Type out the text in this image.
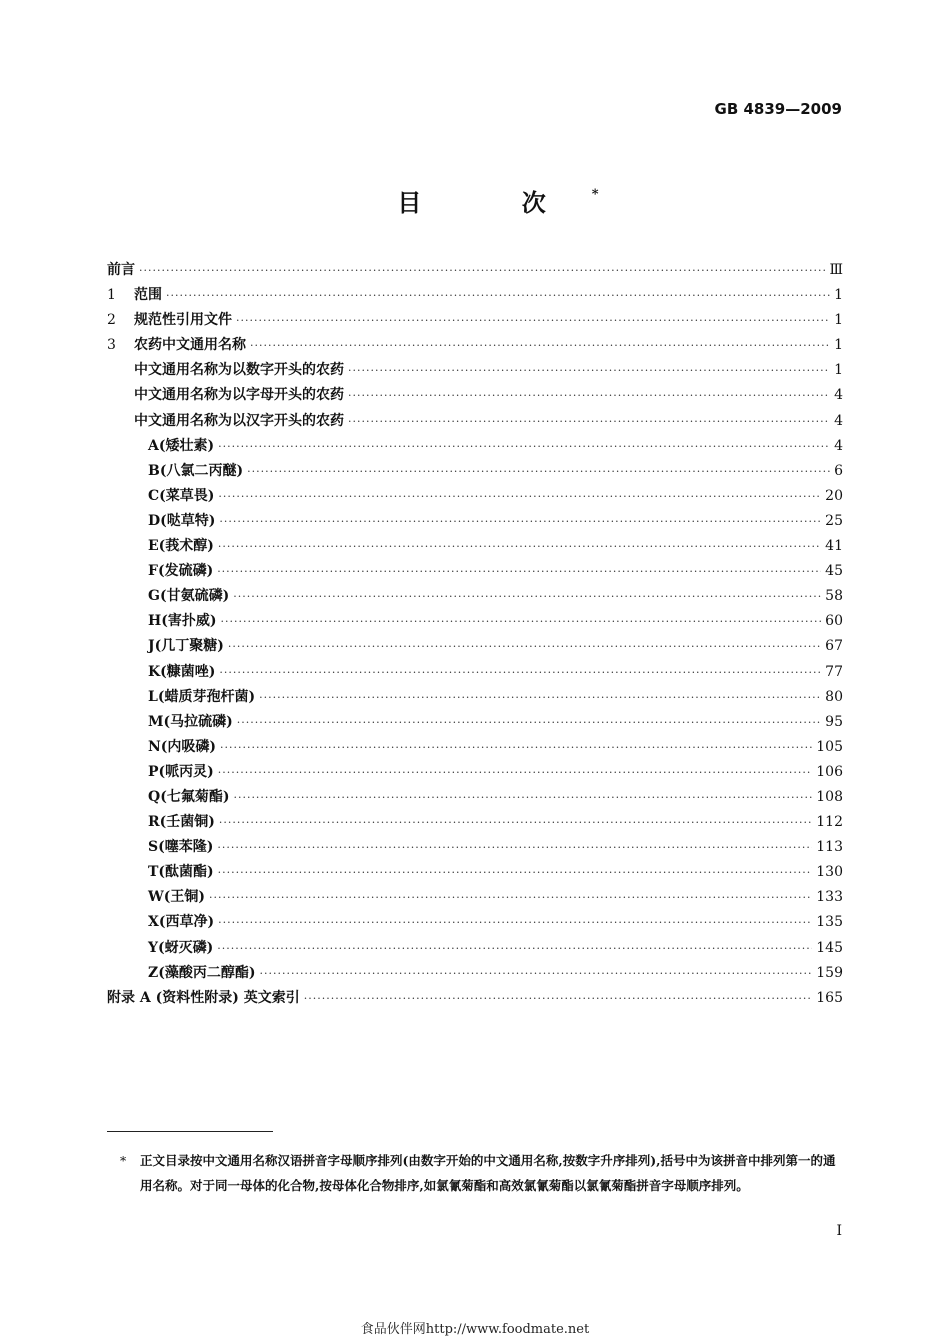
GB 4839—2009
目 次*
前言 ·····	Ⅲ
1	范围 ·····	1
2	规范性引用文件 ·····	1
3	农药中文通用名称 ·····	1
中文通用名称为以数字开头的农药 ·····	1
中文通用名称为以字母开头的农药 ·····	4
中文通用名称为以汉字开头的农药 ·····	4
A(矮壮素) ·····	4
B(八氯二丙醚) ·····	6
C(菜草畏) ·····	20
D(哒草特) ·····	25
E(莪术醇) ·····	41
F(发硫磷) ·····	45
G(甘氨硫磷) ·····	58
H(害扑威) ·····	60
J(几丁聚糖) ·····	67
K(糠菌唑) ·····	77
L(蜡质芽孢杆菌) ·····	80
M(马拉硫磷) ·····	95
N(内吸磷) ·····	105
P(哌丙灵) ·····	106
Q(七氟菊酯) ·····	108
R(壬菌铜) ·····	112
S(噻苯隆) ·····	113
T(酞菌酯) ·····	130
W(王铜) ·····	133
X(西草净) ·····	135
Y(蚜灭磷) ·····	145
Z(藻酸丙二醇酯) ·····	159
附录 A (资料性附录) 英文索引 ·····	165
* 正文目录按中文通用名称汉语拼音字母顺序排列(由数字开始的中文通用名称,按数字升序排列),括号中为该拼音中排列第一的通用名称。对于同一母体的化合物,按母体化合物排序,如氯氰菊酯和高效氯氰菊酯以氯氰菊酯拼音字母顺序排列。
I
食品伙伴网http://www.foodmate.net
